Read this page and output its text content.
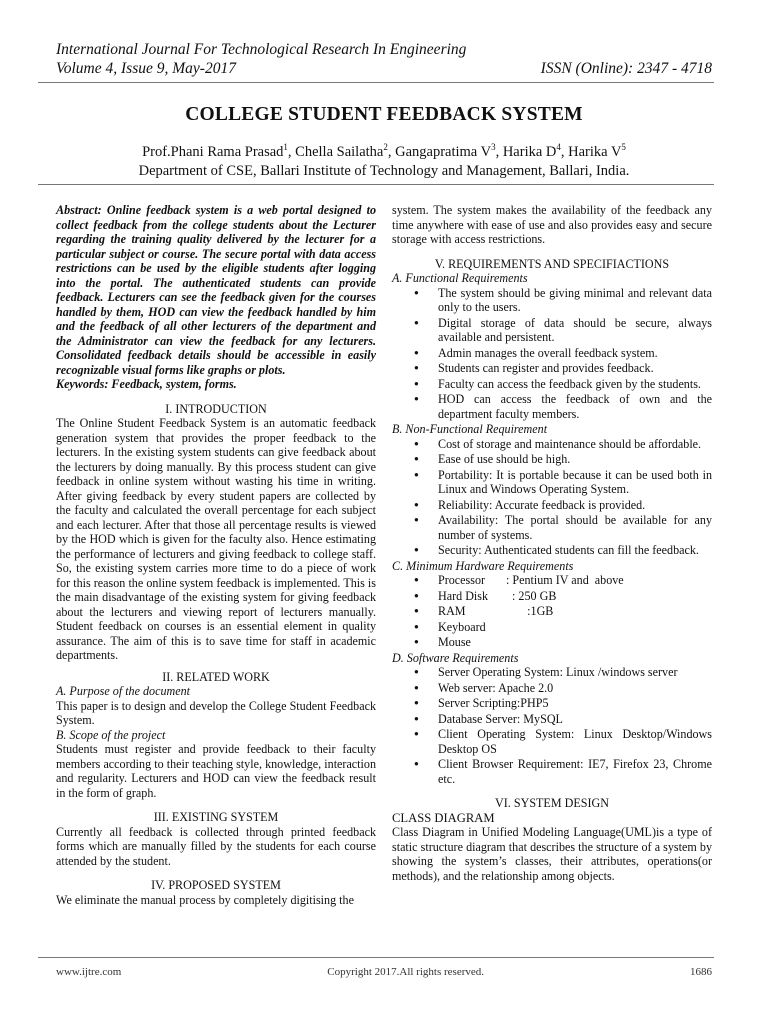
International Journal For Technological Research In Engineering
Volume 4, Issue 9, May-2017	ISSN (Online): 2347 - 4718
COLLEGE STUDENT FEEDBACK SYSTEM
Prof.Phani Rama Prasad$^1$, Chella Sailatha$^2$, Gangapratima $V^3$, Harika $D^4$, Harika $V^5$
Department of CSE, Ballari Institute of Technology and Management, Ballari, India.

Abstract: Online feedback system is a web portal designed to collect feedback from the college students about the Lecturer regarding the training quality delivered by the lecturer for a particular subject or course. The secure portal with data access restrictions can be used by the eligible students after logging into the portal. The authenticated students can provide feedback. Lecturers can see the feedback given for the courses handled by them, HOD can view the feedback handled by him and the feedback of all other lecturers of the department and the Administrator can view the feedback for any lecturers. Consolidated feedback details should be accessible in easily recognizable visual forms like graphs or plots.

Keywords: Feedback, system, forms.

I. INTRODUCTION

The Online Student Feedback System is an automatic feedback generation system that provides the proper feedback to the lecturers. In the existing system students can give feedback about the lecturers by doing manually. By this process student can give feedback in online system without wasting his time in writing. After giving feedback by every student papers are collected by the faculty and calculated the overall percentage for each subject and each lecturer. After that those all percentage results is viewed by the HOD which is given for the faculty also. Hence estimating the performance of lecturers and giving feedback to college staff. So, the existing system carries more time to do a piece of work for this reason the online system feedback is implemented. This is the main disadvantage of the existing system for giving feedback about the lecturers and viewing report of lecturers manually. Student feedback on courses is an essential element in quality assurance. The aim of this is to save time for staff in academic departments.

II. RELATED WORK

A. Purpose of the document

This paper is to design and develop the College Student Feedback System.

B. Scope of the project

Students must register and provide feedback to their faculty members according to their teaching style, knowledge, interaction and regularity. Lecturers and HOD can view the feedback result in the form of graph.

III. EXISTING SYSTEM

Currently all feedback is collected through printed feedback forms which are manually filled by the students for each course attended by the student.

IV. PROPOSED SYSTEM

We eliminate the manual process by completely digitising the

system. The system makes the availability of the feedback any time anywhere with ease of use and also provides easy and secure storage with access restrictions.

V. REQUIREMENTS AND SPECIFIACTIONS

A. Functional Requirements

● The system should be giving minimal and relevant data only to the users.
● Digital storage of data should be secure, always available and persistent.
● Admin manages the overall feedback system.
● Students can register and provides feedback.
● Faculty can access the feedback given by the students.
● HOD can access the feedback of own and the department faculty members.

B. Non-Functional Requirement

● Cost of storage and maintenance should be affordable.
● Ease of use should be high.
● Portability: It is portable because it can be used both in Linux and Windows Operating System.
● Reliability: Accurate feedback is provided.
● Availability: The portal should be available for any number of systems.
● Security: Authenticated students can fill the feedback.

C. Minimum Hardware Requirements

● Processor	: Pentium IV and  above
● Hard Disk	: 250 GB
● RAM	:1GB
● Keyboard
● Mouse

D. Software Requirements

● Server Operating System: Linux /windows server
● Web server: Apache 2.0
● Server Scripting:PHP5
● Database Server: MySQL
● Client Operating System: Linux Desktop/Windows Desktop OS
● Client Browser Requirement: IE7, Firefox 23, Chrome etc.

VI. SYSTEM DESIGN

CLASS DIAGRAM

Class Diagram in Unified Modeling Language(UML)is a type of static structure diagram that describes the structure of a system by showing the system’s classes, their attributes, operations(or methods), and the relationship among objects.

www.ijtre.com	Copyright 2017.All rights reserved.	1686
